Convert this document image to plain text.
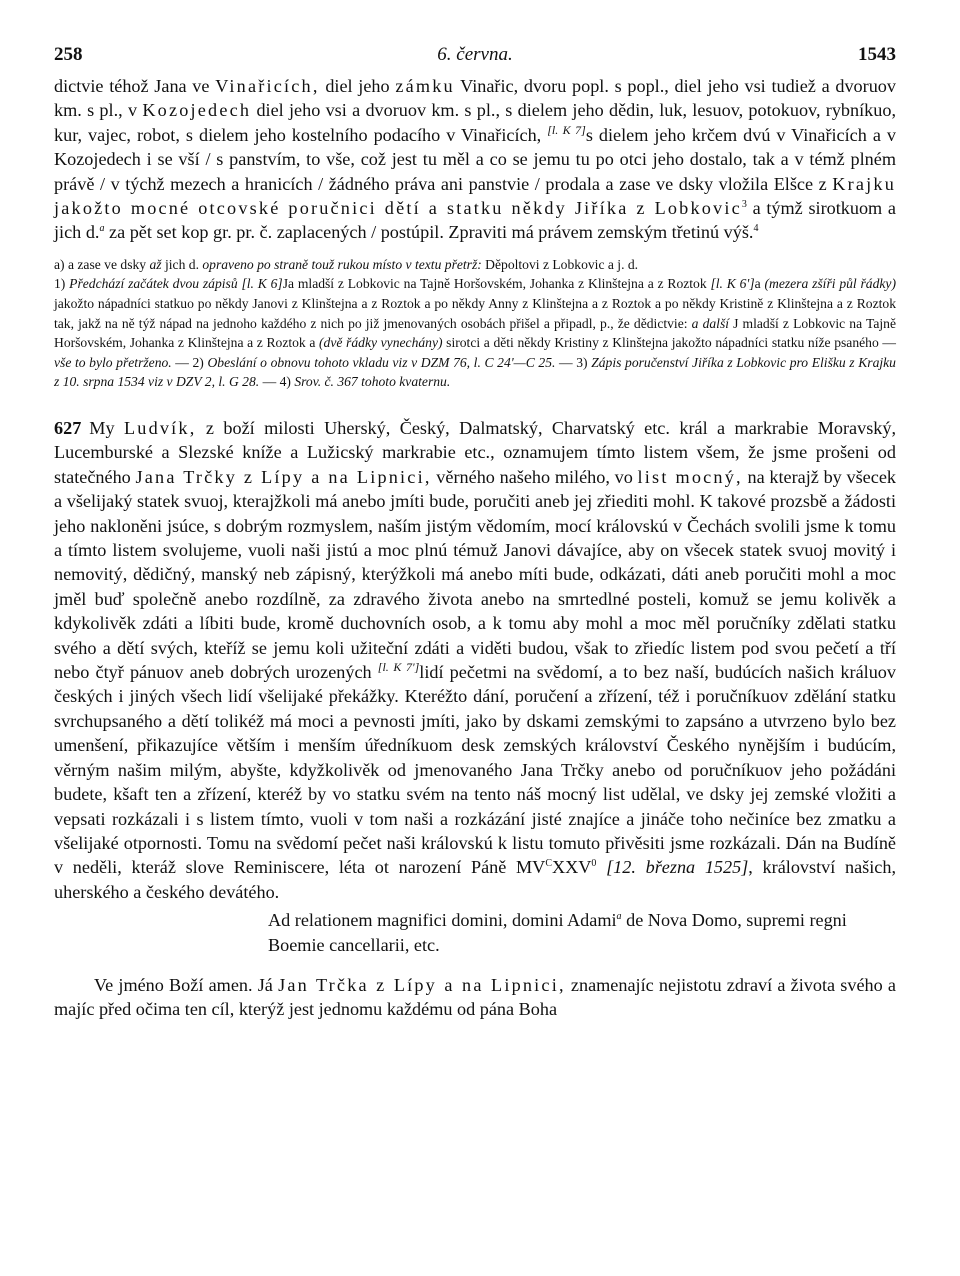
258	6. června.	1543

dictvie téhož Jana ve Vinařicích, diel jeho zámku Vinařic, dvoru popl. s popl., diel jeho vsi tudiež a dvoruov km. s pl., v Kozojedech diel jeho vsi a dvoruov km. s pl., s dielem jeho dědin, luk, lesuov, potokuov, rybníkuo, kur, vajec, robot, s dielem jeho kostelního podacího v Vinařicích, [l. K 7]s dielem jeho krčem dvú v Vinařicích a v Kozojedech i se vší / s panstvím, to vše, což jest tu měl a co se jemu tu po otci jeho dostalo, tak a v témž plném právě / v týchž mezech a hranicích / žádného práva ani panstvie / prodala a zase ve dsky vložila Elšce z Krajku jakožto mocné otcovské poručnici dětí a statku někdy Jiříka z Lobkovic$^3$ a týmž sirotkuom a jich d.$^a$ za pět set kop gr. pr. č. zaplacených / postúpil. Zpraviti má právem zemským třetinú výš.$^4$

a) a zase ve dsky až jich d. opraveno po straně touž rukou místo v textu přetrž: Děpoltovi z Lobkovic a j. d.

1) Předchází začátek dvou zápisů [l. K 6]Ja mladší z Lobkovic na Tajně Horšovském, Johanka z Klinštejna a z Roztok [l. K 6']a (mezera zšíři půl řádky) jakožto nápadníci statkuo po někdy Janovi z Klinštejna a z Roztok a po někdy Anny z Klinštejna a z Roztok a po někdy Kristině z Klinštejna a z Roztok tak, jakž na ně týž nápad na jednoho každého z nich po již jmenovaných osobách přišel a připadl, p., že dědictvie: a další J mladší z Lobkovic na Tajně Horšovském, Johanka z Klinštejna a z Roztok a (dvě řádky vynechány) sirotci a děti někdy Kristiny z Klinštejna jakožto nápadníci statku níže psaného — vše to bylo přetrženo. — 2) Obeslání o obnovu tohoto vkladu viz v DZM 76, l. C 24'—C 25. — 3) Zápis poručenství Jiříka z Lobkovic pro Elišku z Krajku z 10. srpna 1534 viz v DZV 2, l. G 28. — 4) Srov. č. 367 tohoto kvaternu.

627 My Ludvík, z boží milosti Uherský, Český, Dalmatský, Charvatský etc. král a markrabie Moravský, Lucemburské a Slezské kníže a Lužicský markrabie etc., oznamujem tímto listem všem, že jsme prošeni od statečného Jana Trčky z Lípy a na Lipnici, věrného našeho milého, vo list mocný, na kterajž by všecek a všelijaký statek svuoj, kterajžkoli má anebo jmíti bude, poručiti aneb jej zřiediti mohl. K takové prozsbě a žádosti jeho nakloněni jsúce, s dobrým rozmyslem, naším jistým vědomím, mocí královskú v Čechách svolili jsme k tomu a tímto listem svolujeme, vuoli naši jistú a moc plnú témuž Janovi dávajíce, aby on všecek statek svuoj movitý i nemovitý, dědičný, manský neb zápisný, kterýžkoli má anebo míti bude, odkázati, dáti aneb poručiti mohl a moc jměl buď společně anebo rozdílně, za zdravého života anebo na smrtedlné posteli, komuž se jemu kolivěk a kdykolivěk zdáti a líbiti bude, kromě duchovních osob, a k tomu aby mohl a moc měl poručníky zdělati statku svého a dětí svých, kteříž se jemu koli užiteční zdáti a viděti budou, však to zřiedíc listem pod svou pečetí a tří nebo čtyř pánuov aneb dobrých urozených [l. K 7']lidí pečetmi na svědomí, a to bez naší, budúcích našich králuov českých i jiných všech lidí všelijaké překážky. Kteréžto dání, poručení a zřízení, též i poručníkuov zdělání statku svrchupsaného a dětí tolikéž má moci a pevnosti jmíti, jako by dskami zemskými to zapsáno a utvrzeno bylo bez umenšení, přikazujíce větším i menším úředníkuom desk zemských království Českého nynějším i budúcím, věrným našim milým, abyšte, kdyžkolivěk od jmenovaného Jana Trčky anebo od poručníkuov jeho požádáni budete, kšaft ten a zřízení, kteréž by vo statku svém na tento náš mocný list udělal, ve dsky jej zemské vložiti a vepsati rozkázali i s listem tímto, vuoli v tom naši a rozkázání jisté znajíce a jináče toho nečiníce bez zmatku a všelijaké otpornosti. Tomu na svědomí pečet naši královskú k listu tomuto přivěsiti jsme rozkázali. Dán na Budíně v neděli, kteráž slove Reminiscere, léta ot narození Páně $MV^CXXV^0$ [12. března 1525], království našich, uherského a českého devátého.

Ad relationem magnifici domini, domini Adami$^a$ de Nova Domo, supremi regni Boemie cancellarii, etc.

Ve jméno Boží amen. Já Jan Trčka z Lípy a na Lipnici, znamenajíc nejistotu zdraví a života svého a majíc před očima ten cíl, kterýž jest jednomu každému od pána Boha
